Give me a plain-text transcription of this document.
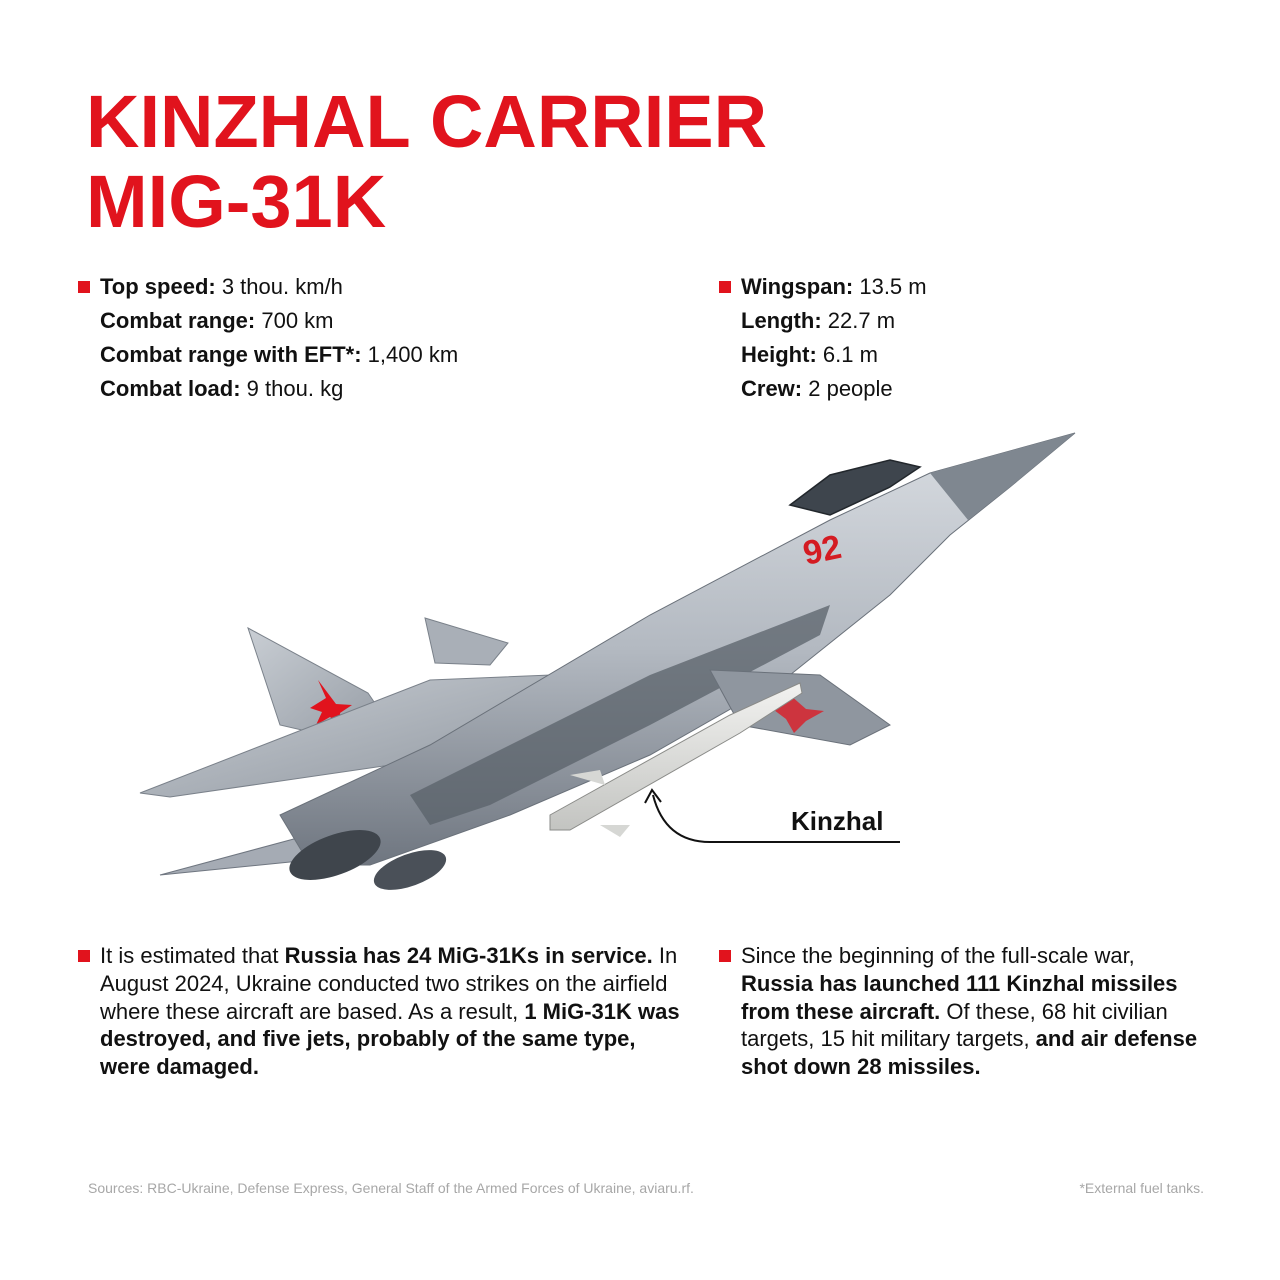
KINZHAL CARRIER
MIG-31K
Top speed: 3 thou. km/h
Combat range: 700 km
Combat range with EFT*: 1,400 km
Combat load: 9 thou. kg
Wingspan: 13.5 m
Length: 22.7 m
Height: 6.1 m
Crew: 2 people
92
Kinzhal
It is estimated that Russia has 24 MiG-31Ks in service. In August 2024, Ukraine conducted two strikes on the airfield where these aircraft are based. As a result, 1 MiG-31K was destroyed, and five jets, probably of the same type, were damaged.
Since the beginning of the full-scale war, Russia has launched 111 Kinzhal missiles from these aircraft. Of these, 68 hit civilian targets, 15 hit military targets, and air defense shot down 28 missiles.
Sources: RBC-Ukraine, Defense Express, General Staff of the Armed Forces of Ukraine, aviaru.rf.	*External fuel tanks.
